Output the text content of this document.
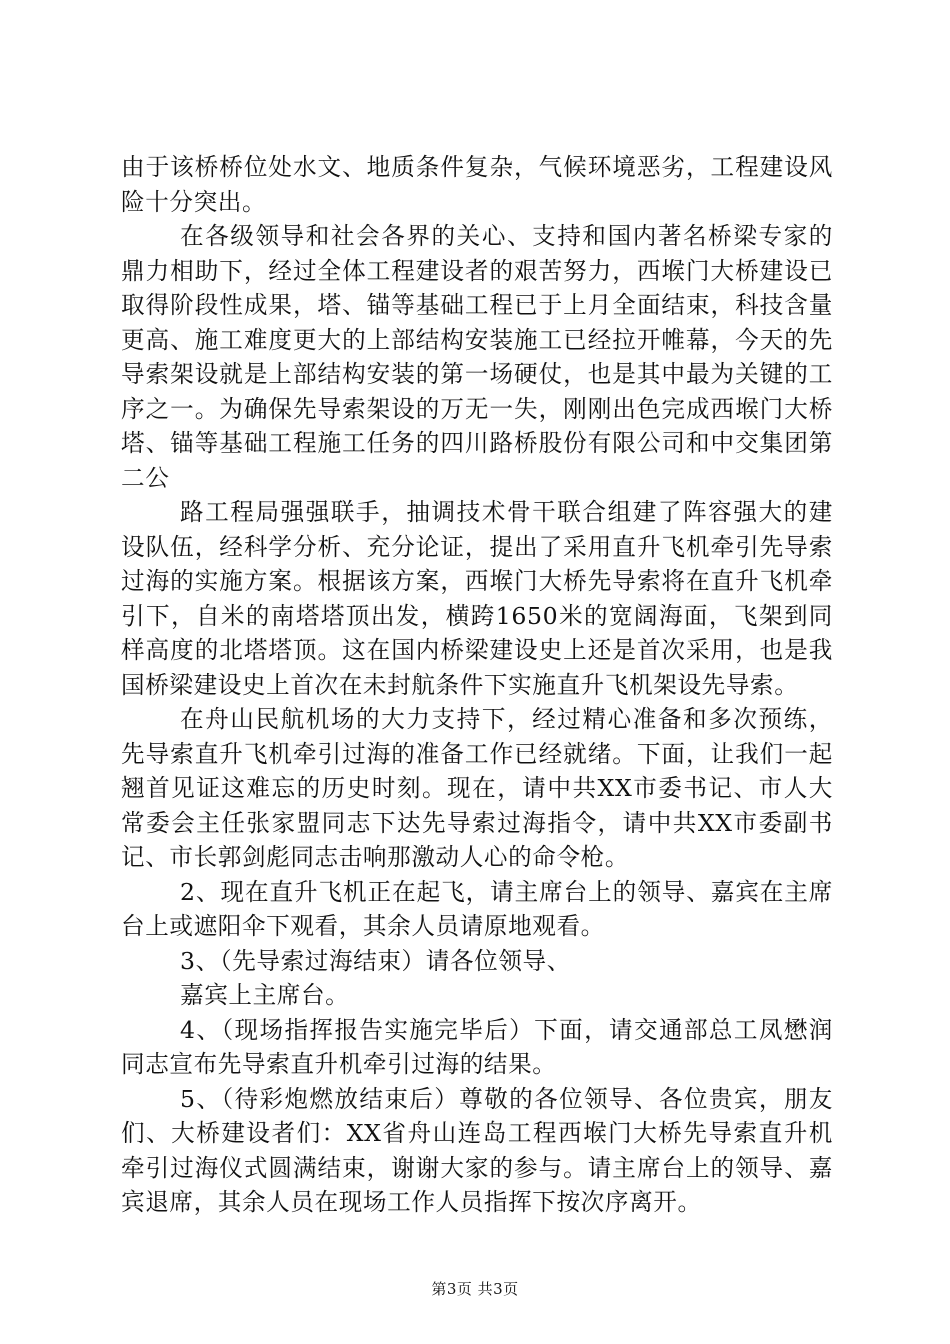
由于该桥桥位处水文、地质条件复杂，气候环境恶劣，工程建设风险十分突出。

在各级领导和社会各界的关心、支持和国内著名桥梁专家的鼎力相助下，经过全体工程建设者的艰苦努力，西堠门大桥建设已取得阶段性成果，塔、锚等基础工程已于上月全面结束，科技含量更高、施工难度更大的上部结构安装施工已经拉开帷幕，今天的先导索架设就是上部结构安装的第一场硬仗，也是其中最为关键的工序之一。为确保先导索架设的万无一失，刚刚出色完成西堠门大桥塔、锚等基础工程施工任务的四川路桥股份有限公司和中交集团第二公

路工程局强强联手，抽调技术骨干联合组建了阵容强大的建设队伍，经科学分析、充分论证，提出了采用直升飞机牵引先导索过海的实施方案。根据该方案，西堠门大桥先导索将在直升飞机牵引下，自米的南塔塔顶出发，横跨1650米的宽阔海面，飞架到同样高度的北塔塔顶。这在国内桥梁建设史上还是首次采用，也是我国桥梁建设史上首次在未封航条件下实施直升飞机架设先导索。

在舟山民航机场的大力支持下，经过精心准备和多次预练，先导索直升飞机牵引过海的准备工作已经就绪。下面，让我们一起翘首见证这难忘的历史时刻。现在，请中共XX市委书记、市人大常委会主任张家盟同志下达先导索过海指令，请中共XX市委副书记、市长郭剑彪同志击响那激动人心的命令枪。

2、现在直升飞机正在起飞，请主席台上的领导、嘉宾在主席台上或遮阳伞下观看，其余人员请原地观看。

3、（先导索过海结束）请各位领导、

嘉宾上主席台。

4、（现场指挥报告实施完毕后）下面，请交通部总工凤懋润同志宣布先导索直升机牵引过海的结果。

5、（待彩炮燃放结束后）尊敬的各位领导、各位贵宾，朋友们、大桥建设者们：XX省舟山连岛工程西堠门大桥先导索直升机牵引过海仪式圆满结束，谢谢大家的参与。请主席台上的领导、嘉宾退席，其余人员在现场工作人员指挥下按次序离开。

第3页 共3页
